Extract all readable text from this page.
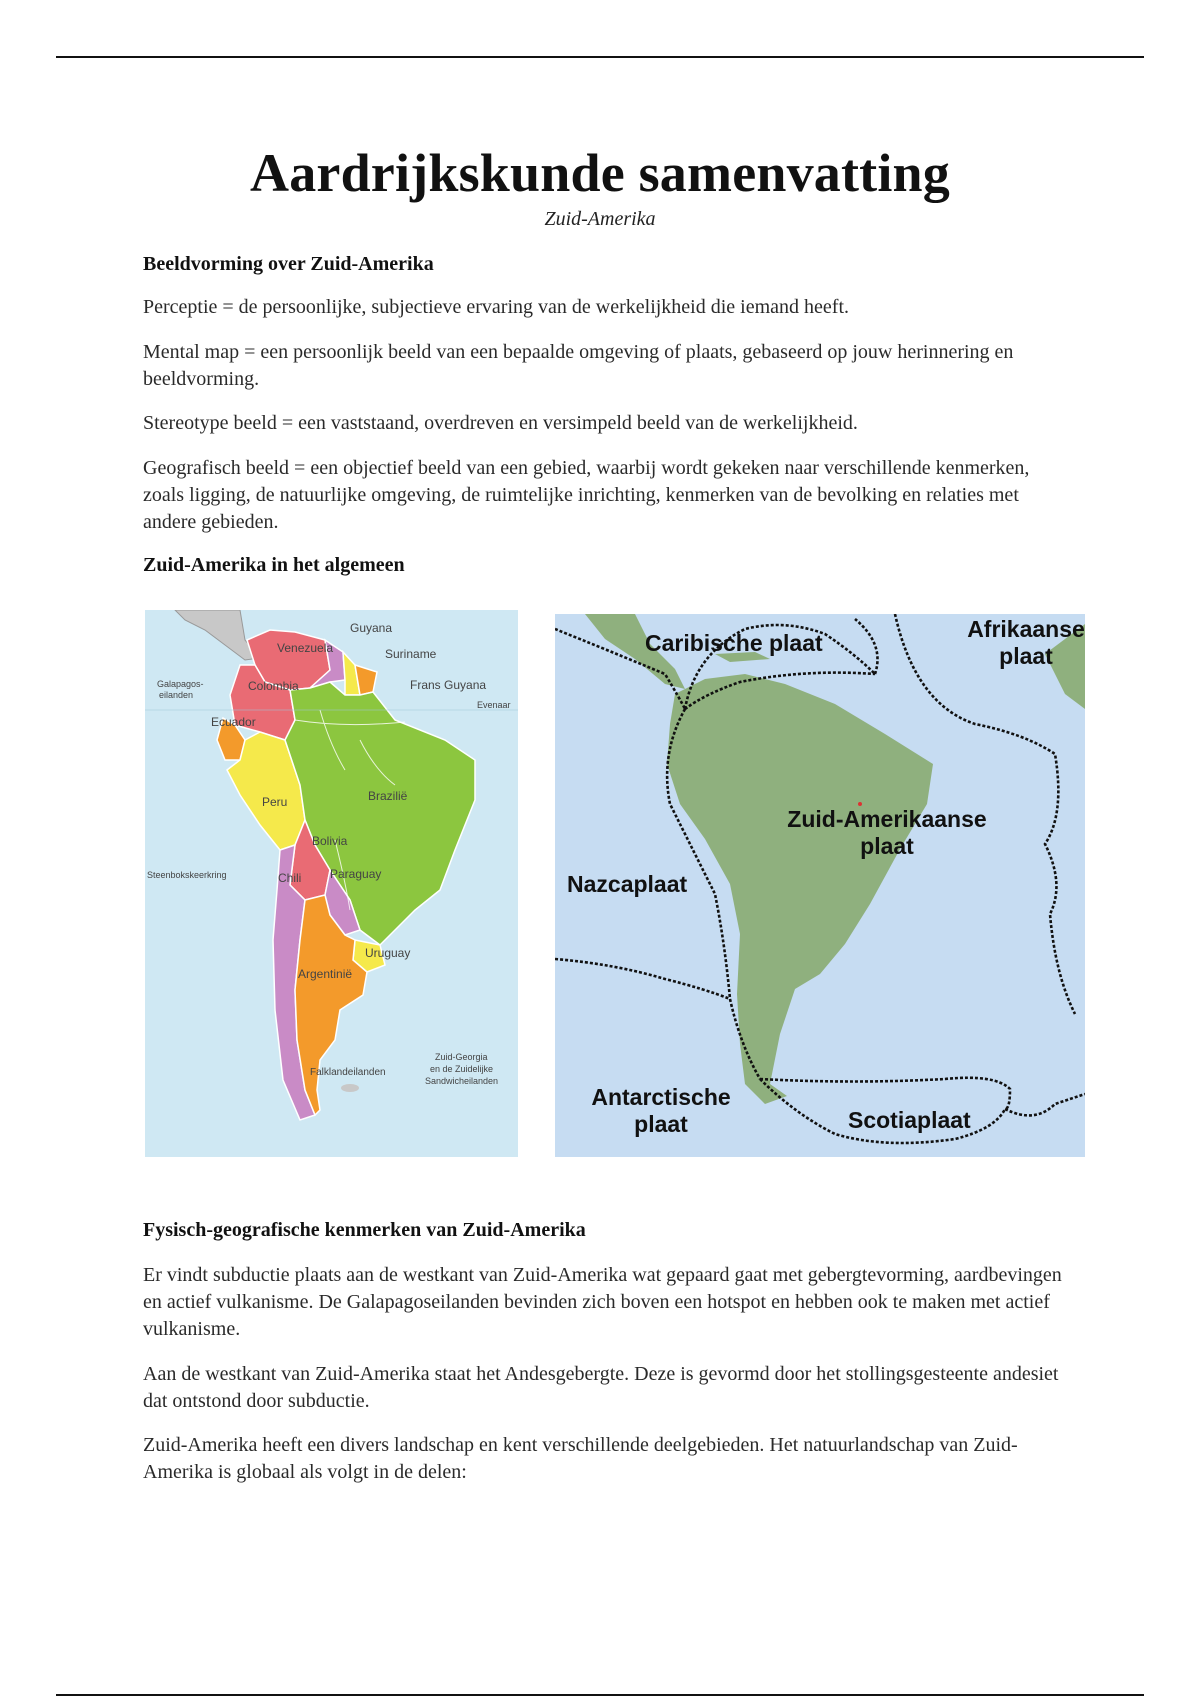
Aardrijkskunde samenvatting
Zuid-Amerika
Beeldvorming over Zuid-Amerika
Perceptie = de persoonlijke, subjectieve ervaring van de werkelijkheid die iemand heeft.
Mental map = een persoonlijk beeld van een bepaalde omgeving of plaats, gebaseerd op jouw herinnering en beeldvorming.
Stereotype beeld = een vaststaand, overdreven en versimpeld beeld van de werkelijkheid.
Geografisch beeld = een objectief beeld van een gebied, waarbij wordt gekeken naar verschillende kenmerken, zoals ligging, de natuurlijke omgeving, de ruimtelijke inrichting, kenmerken van de bevolking en relaties met andere gebieden.
Zuid-Amerika in het algemeen
Fysisch-geografische kenmerken van Zuid-Amerika
Er vindt subductie plaats aan de westkant van Zuid-Amerika wat gepaard gaat met gebergtevorming, aardbevingen en actief vulkanisme. De Galapagoseilanden bevinden zich boven een hotspot en hebben ook te maken met actief vulkanisme.
Aan de westkant van Zuid-Amerika staat het Andesgebergte. Deze is gevormd door het stollingsgesteente andesiet dat ontstond door subductie.
Zuid-Amerika heeft een divers landschap en kent verschillende deelgebieden. Het natuurlandschap van Zuid-Amerika is globaal als volgt in de delen:
Guyana
Venezuela	Suriname
Galapagos-
eilanden
Colombia	Frans Guyana
Evenaar
Ecuador
Peru	Brazilië
Bolivia
Steenbokskeerkring	Chili Paraguay
Uruguay
Argentinië
Falklandeilanden
Zuid-Georgia
en de Zuidelijke
Sandwicheilanden
Caribische plaat
Afrikaanse
plaat
Zuid-Amerikaanse
plaat
Nazcaplaat
Antarctische
plaat	Scotiaplaat
